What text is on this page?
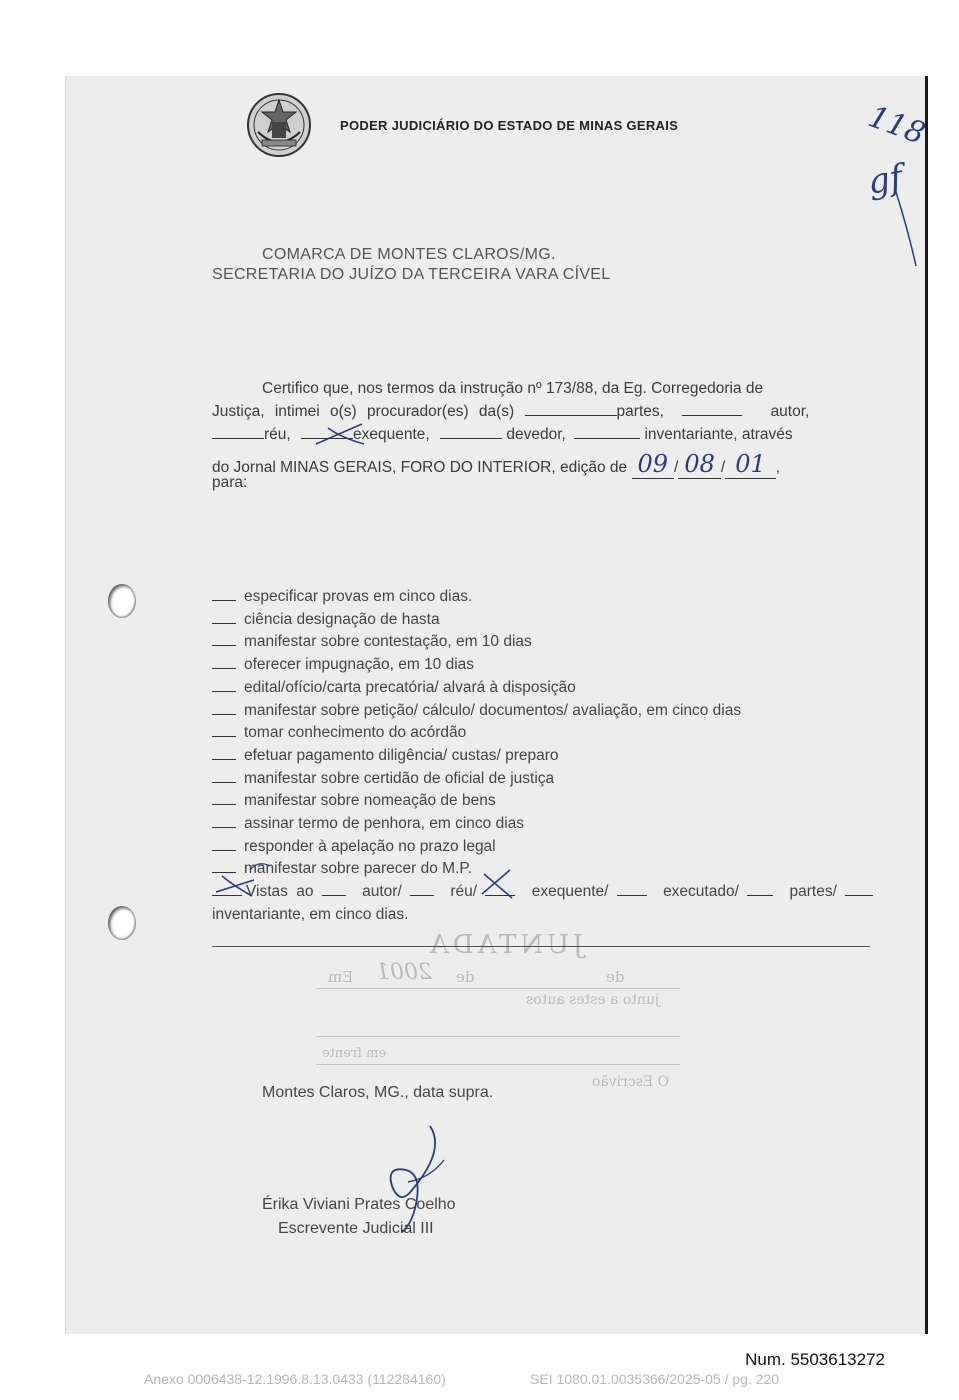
PODER JUDICIÁRIO DO ESTADO DE MINAS GERAIS	118
gf

COMARCA DE MONTES CLAROS/MG.

SECRETARIA DO JUÍZO DA TERCEIRA VARA CÍVEL

Certifico que, nos termos da instrução nº 173/88, da Eg. Corregedoria de
Justiça, intimei o(s) procurador(es) da(s)	partes,	autor,
réu,	exequente,	devedor,	inventariante, através
do Jornal MINAS GERAIS, FORO DO INTERIOR, edição de 09 / 08 / 01 ,
para:
especificar provas em cinco dias.
ciência designação de hasta
manifestar sobre contestação, em 10 dias
oferecer impugnação, em 10 dias
edital/ofício/carta precatória/ alvará à disposição
manifestar sobre petição/ cálculo/ documentos/ avaliação, em cinco dias
tomar conhecimento do acórdão
efetuar pagamento diligência/ custas/ preparo
manifestar sobre certidão de oficial de justiça
manifestar sobre nomeação de bens
assinar termo de penhora, em cinco dias
responder à apelação no prazo legal
manifestar sobre parecer do M.P.
Vistas ao	autor/	réu/	exequente/	executado/	partes/
inventariante, em cinco dias.
JUNTADA
Em	de	de
2001
junto a estes autos
em frente
O Escrivão

Montes Claros, MG., data supra.

Érika Viviani Prates Coelho

Escrevente Judicial III

Num. 5503613272

Anexo 0006438-12.1996.8.13.0433 (112284160)	SEI 1080.01.0035366/2025-05 / pg. 220
